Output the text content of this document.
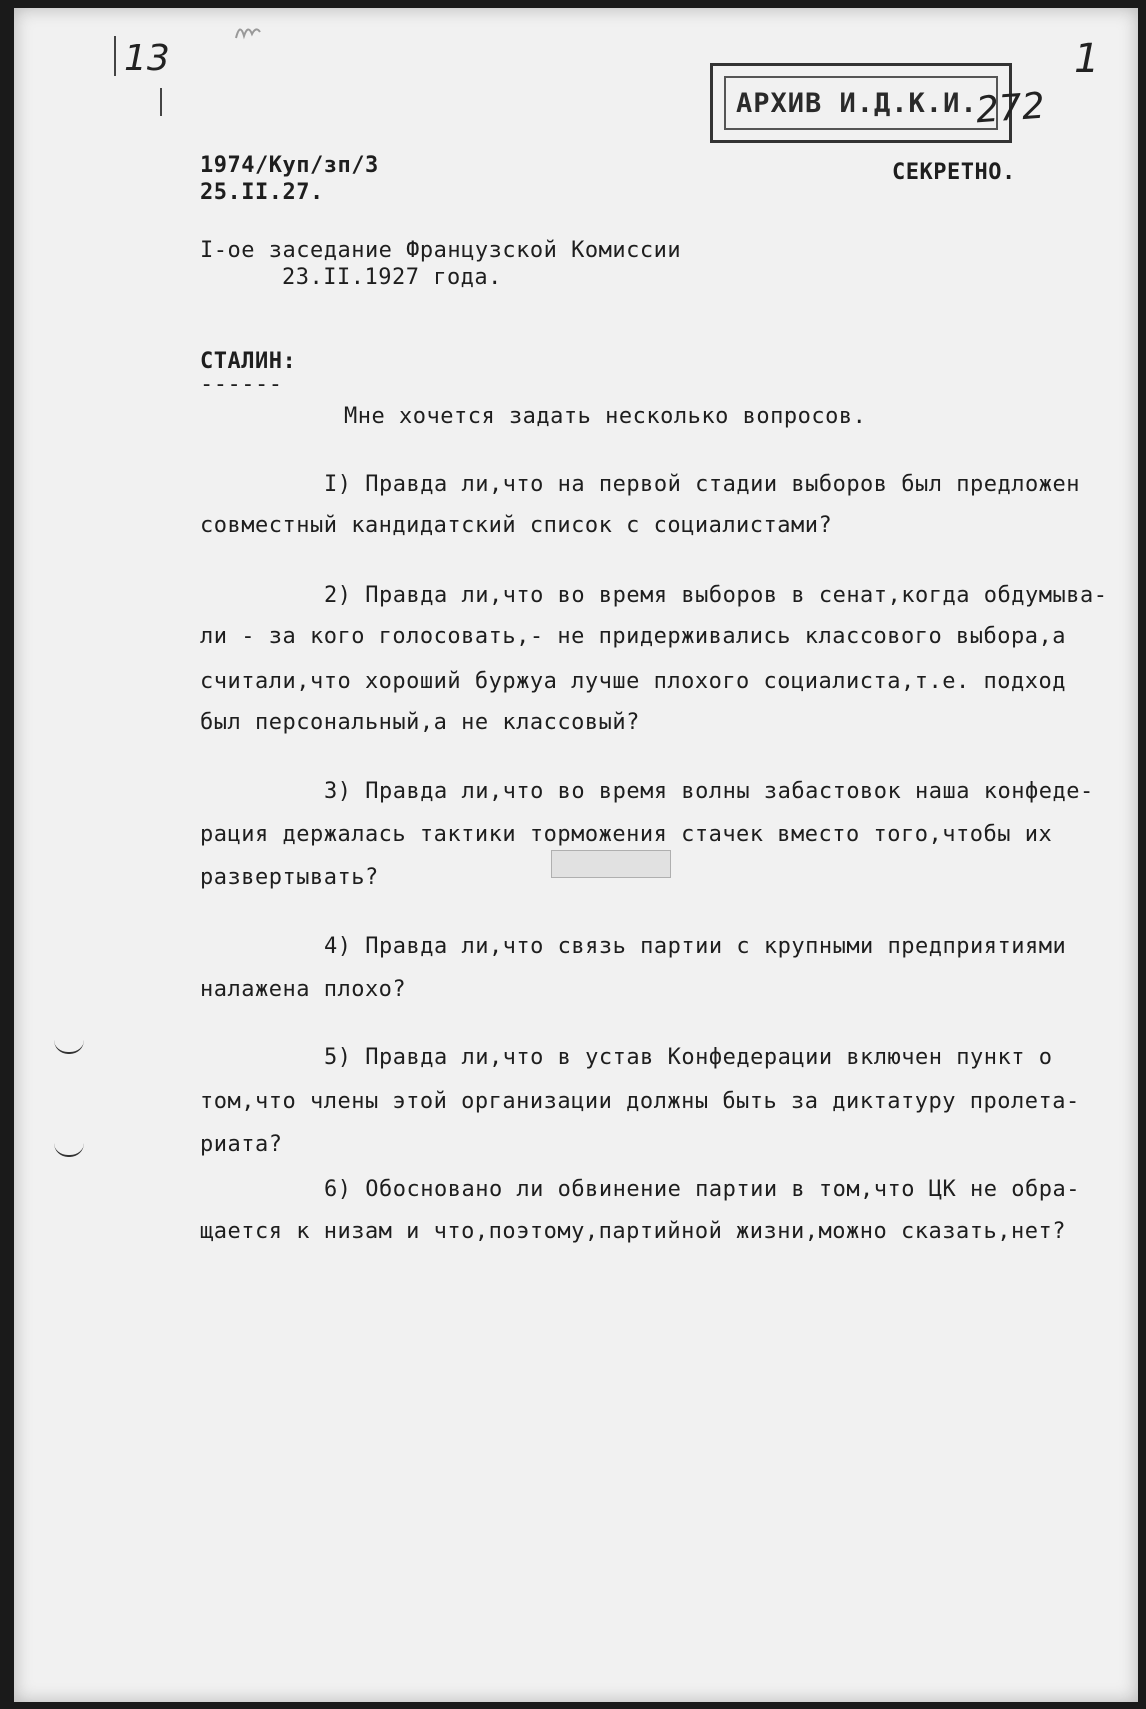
13	1
АРХИВ И.Д.К.И.
272
1974/Куп/зп/3
25.II.27.
СЕКРЕТНО.
I-ое заседание Французской Комиссии
23.II.1927 года.
СТАЛИН:
------
Мне хочется задать несколько вопросов.
I) Правда ли,что на первой стадии выборов был предложен
совместный кандидатский список с социалистами?
2) Правда ли,что во время выборов в сенат,когда обдумыва-
ли - за кого голосовать,- не придерживались классового выбора,а
считали,что хороший буржуа лучше плохого социалиста,т.е. подход
был персональный,а не классовый?
3) Правда ли,что во время волны забастовок наша конфеде-
рация держалась тактики торможения стачек вместо того,чтобы их
развертывать?
4) Правда ли,что связь партии с крупными предприятиями
налажена плохо?
5) Правда ли,что в устав Конфедерации включен пункт о
том,что члены этой организации должны быть за диктатуру пролета-
риата?
6) Обосновано ли обвинение партии в том,что ЦК не обра-
щается к низам и что,поэтому,партийной жизни,можно сказать,нет?
